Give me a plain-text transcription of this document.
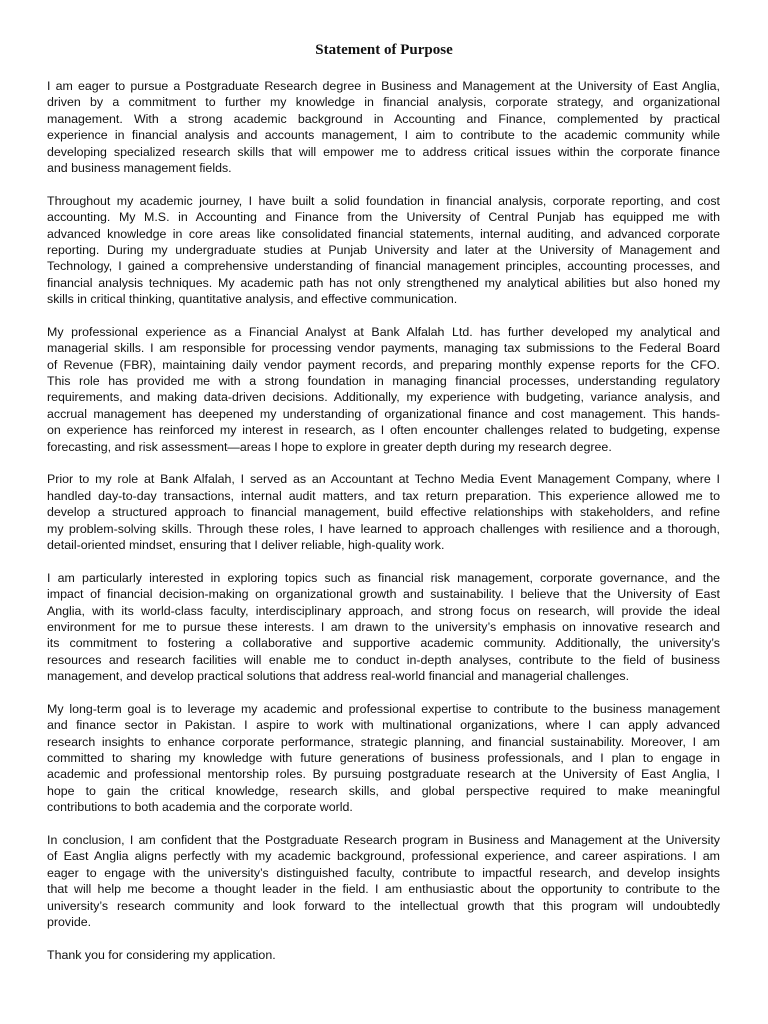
Statement of Purpose
I am eager to pursue a Postgraduate Research degree in Business and Management at the University of East Anglia,
driven by a commitment to further my knowledge in financial analysis, corporate strategy, and organizational
management. With a strong academic background in Accounting and Finance, complemented by practical
experience in financial analysis and accounts management, I aim to contribute to the academic community while
developing specialized research skills that will empower me to address critical issues within the corporate finance
and business management fields.
Throughout my academic journey, I have built a solid foundation in financial analysis, corporate reporting, and cost
accounting. My M.S. in Accounting and Finance from the University of Central Punjab has equipped me with
advanced knowledge in core areas like consolidated financial statements, internal auditing, and advanced corporate
reporting. During my undergraduate studies at Punjab University and later at the University of Management and
Technology, I gained a comprehensive understanding of financial management principles, accounting processes, and
financial analysis techniques. My academic path has not only strengthened my analytical abilities but also honed my
skills in critical thinking, quantitative analysis, and effective communication.
My professional experience as a Financial Analyst at Bank Alfalah Ltd. has further developed my analytical and
managerial skills. I am responsible for processing vendor payments, managing tax submissions to the Federal Board
of Revenue (FBR), maintaining daily vendor payment records, and preparing monthly expense reports for the CFO.
This role has provided me with a strong foundation in managing financial processes, understanding regulatory
requirements, and making data-driven decisions. Additionally, my experience with budgeting, variance analysis, and
accrual management has deepened my understanding of organizational finance and cost management. This hands-
on experience has reinforced my interest in research, as I often encounter challenges related to budgeting, expense
forecasting, and risk assessment—areas I hope to explore in greater depth during my research degree.
Prior to my role at Bank Alfalah, I served as an Accountant at Techno Media Event Management Company, where I
handled day-to-day transactions, internal audit matters, and tax return preparation. This experience allowed me to
develop a structured approach to financial management, build effective relationships with stakeholders, and refine
my problem-solving skills. Through these roles, I have learned to approach challenges with resilience and a thorough,
detail-oriented mindset, ensuring that I deliver reliable, high-quality work.
I am particularly interested in exploring topics such as financial risk management, corporate governance, and the
impact of financial decision-making on organizational growth and sustainability. I believe that the University of East
Anglia, with its world-class faculty, interdisciplinary approach, and strong focus on research, will provide the ideal
environment for me to pursue these interests. I am drawn to the university’s emphasis on innovative research and
its commitment to fostering a collaborative and supportive academic community. Additionally, the university’s
resources and research facilities will enable me to conduct in-depth analyses, contribute to the field of business
management, and develop practical solutions that address real-world financial and managerial challenges.
My long-term goal is to leverage my academic and professional expertise to contribute to the business management
and finance sector in Pakistan. I aspire to work with multinational organizations, where I can apply advanced
research insights to enhance corporate performance, strategic planning, and financial sustainability. Moreover, I am
committed to sharing my knowledge with future generations of business professionals, and I plan to engage in
academic and professional mentorship roles. By pursuing postgraduate research at the University of East Anglia, I
hope to gain the critical knowledge, research skills, and global perspective required to make meaningful
contributions to both academia and the corporate world.
In conclusion, I am confident that the Postgraduate Research program in Business and Management at the University
of East Anglia aligns perfectly with my academic background, professional experience, and career aspirations. I am
eager to engage with the university’s distinguished faculty, contribute to impactful research, and develop insights
that will help me become a thought leader in the field. I am enthusiastic about the opportunity to contribute to the
university’s research community and look forward to the intellectual growth that this program will undoubtedly
provide.
Thank you for considering my application.
